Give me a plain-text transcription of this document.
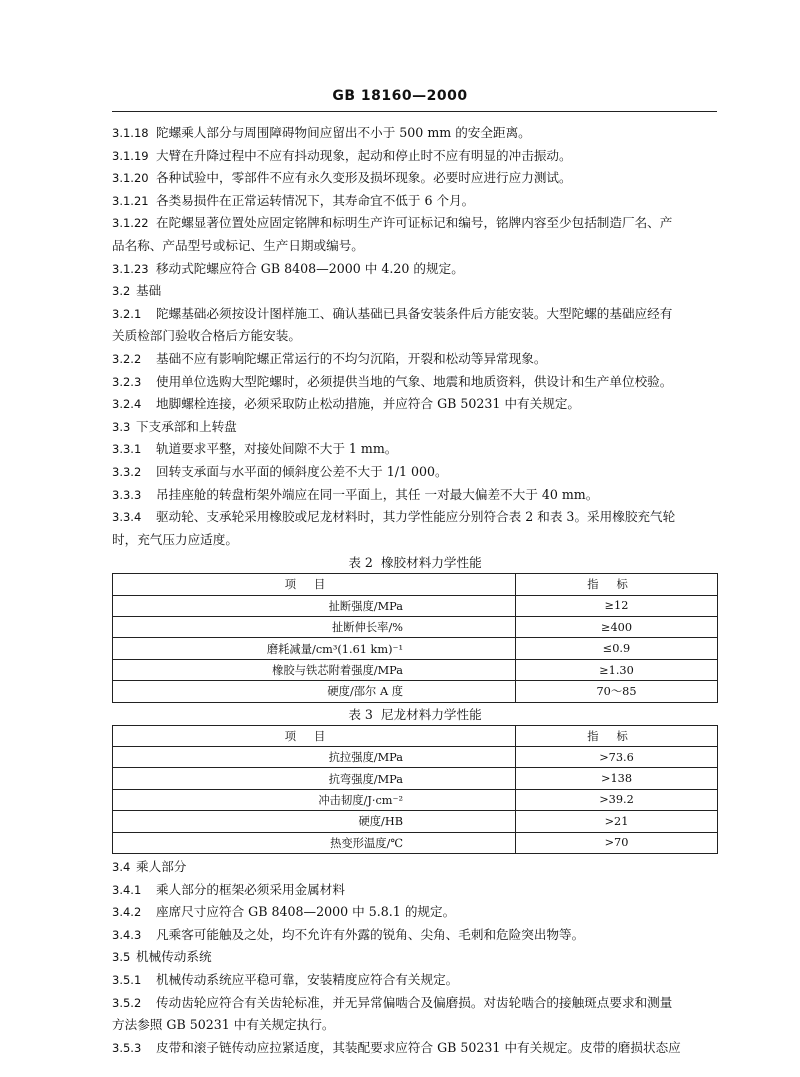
GB 18160—2000
3.1.18 陀螺乘人部分与周围障碍物间应留出不小于 500 mm 的安全距离。
3.1.19 大臂在升降过程中不应有抖动现象，起动和停止时不应有明显的冲击振动。
3.1.20 各种试验中，零部件不应有永久变形及损坏现象。必要时应进行应力测试。
3.1.21 各类易损件在正常运转情况下，其寿命宜不低于 6 个月。
3.1.22 在陀螺显著位置处应固定铭牌和标明生产许可证标记和编号，铭牌内容至少包括制造厂名、产
品名称、产品型号或标记、生产日期或编号。
3.1.23 移动式陀螺应符合 GB 8408—2000 中 4.20 的规定。
3.2 基础
3.2.1 陀螺基础必须按设计图样施工、确认基础已具备安装条件后方能安装。大型陀螺的基础应经有
关质检部门验收合格后方能安装。
3.2.2 基础不应有影响陀螺正常运行的不均匀沉陷，开裂和松动等异常现象。
3.2.3 使用单位选购大型陀螺时，必须提供当地的气象、地震和地质资料，供设计和生产单位校验。
3.2.4 地脚螺栓连接，必须采取防止松动措施，并应符合 GB 50231 中有关规定。
3.3 下支承部和上转盘
3.3.1 轨道要求平整，对接处间隙不大于 1 mm。
3.3.2 回转支承面与水平面的倾斜度公差不大于 1/1 000。
3.3.3 吊挂座舱的转盘桁架外端应在同一平面上，其任 一对最大偏差不大于 40 mm。
3.3.4 驱动轮、支承轮采用橡胶或尼龙材料时，其力学性能应分别符合表 2 和表 3。采用橡胶充气轮
时，充气压力应适度。
表 2 橡胶材料力学性能
项目	指标
扯断强度/MPa	≥12
扯断伸长率/%	≥400
磨耗减量/cm³(1.61 km)⁻¹	≤0.9
橡胶与铁芯附着强度/MPa	≥1.30
硬度/邵尔 A 度	70～85
表 3 尼龙材料力学性能
项目	指标
抗拉强度/MPa	>73.6
抗弯强度/MPa	>138
冲击韧度/J·cm⁻²	>39.2
硬度/HB	>21
热变形温度/℃	>70
3.4 乘人部分
3.4.1 乘人部分的框架必须采用金属材料
3.4.2 座席尺寸应符合 GB 8408—2000 中 5.8.1 的规定。
3.4.3 凡乘客可能触及之处，均不允许有外露的锐角、尖角、毛刺和危险突出物等。
3.5 机械传动系统
3.5.1 机械传动系统应平稳可靠，安装精度应符合有关规定。
3.5.2 传动齿轮应符合有关齿轮标准，并无异常偏啮合及偏磨损。对齿轮啮合的接触斑点要求和测量
方法参照 GB 50231 中有关规定执行。
3.5.3 皮带和滚子链传动应拉紧适度，其装配要求应符合 GB 50231 中有关规定。皮带的磨损状态应
